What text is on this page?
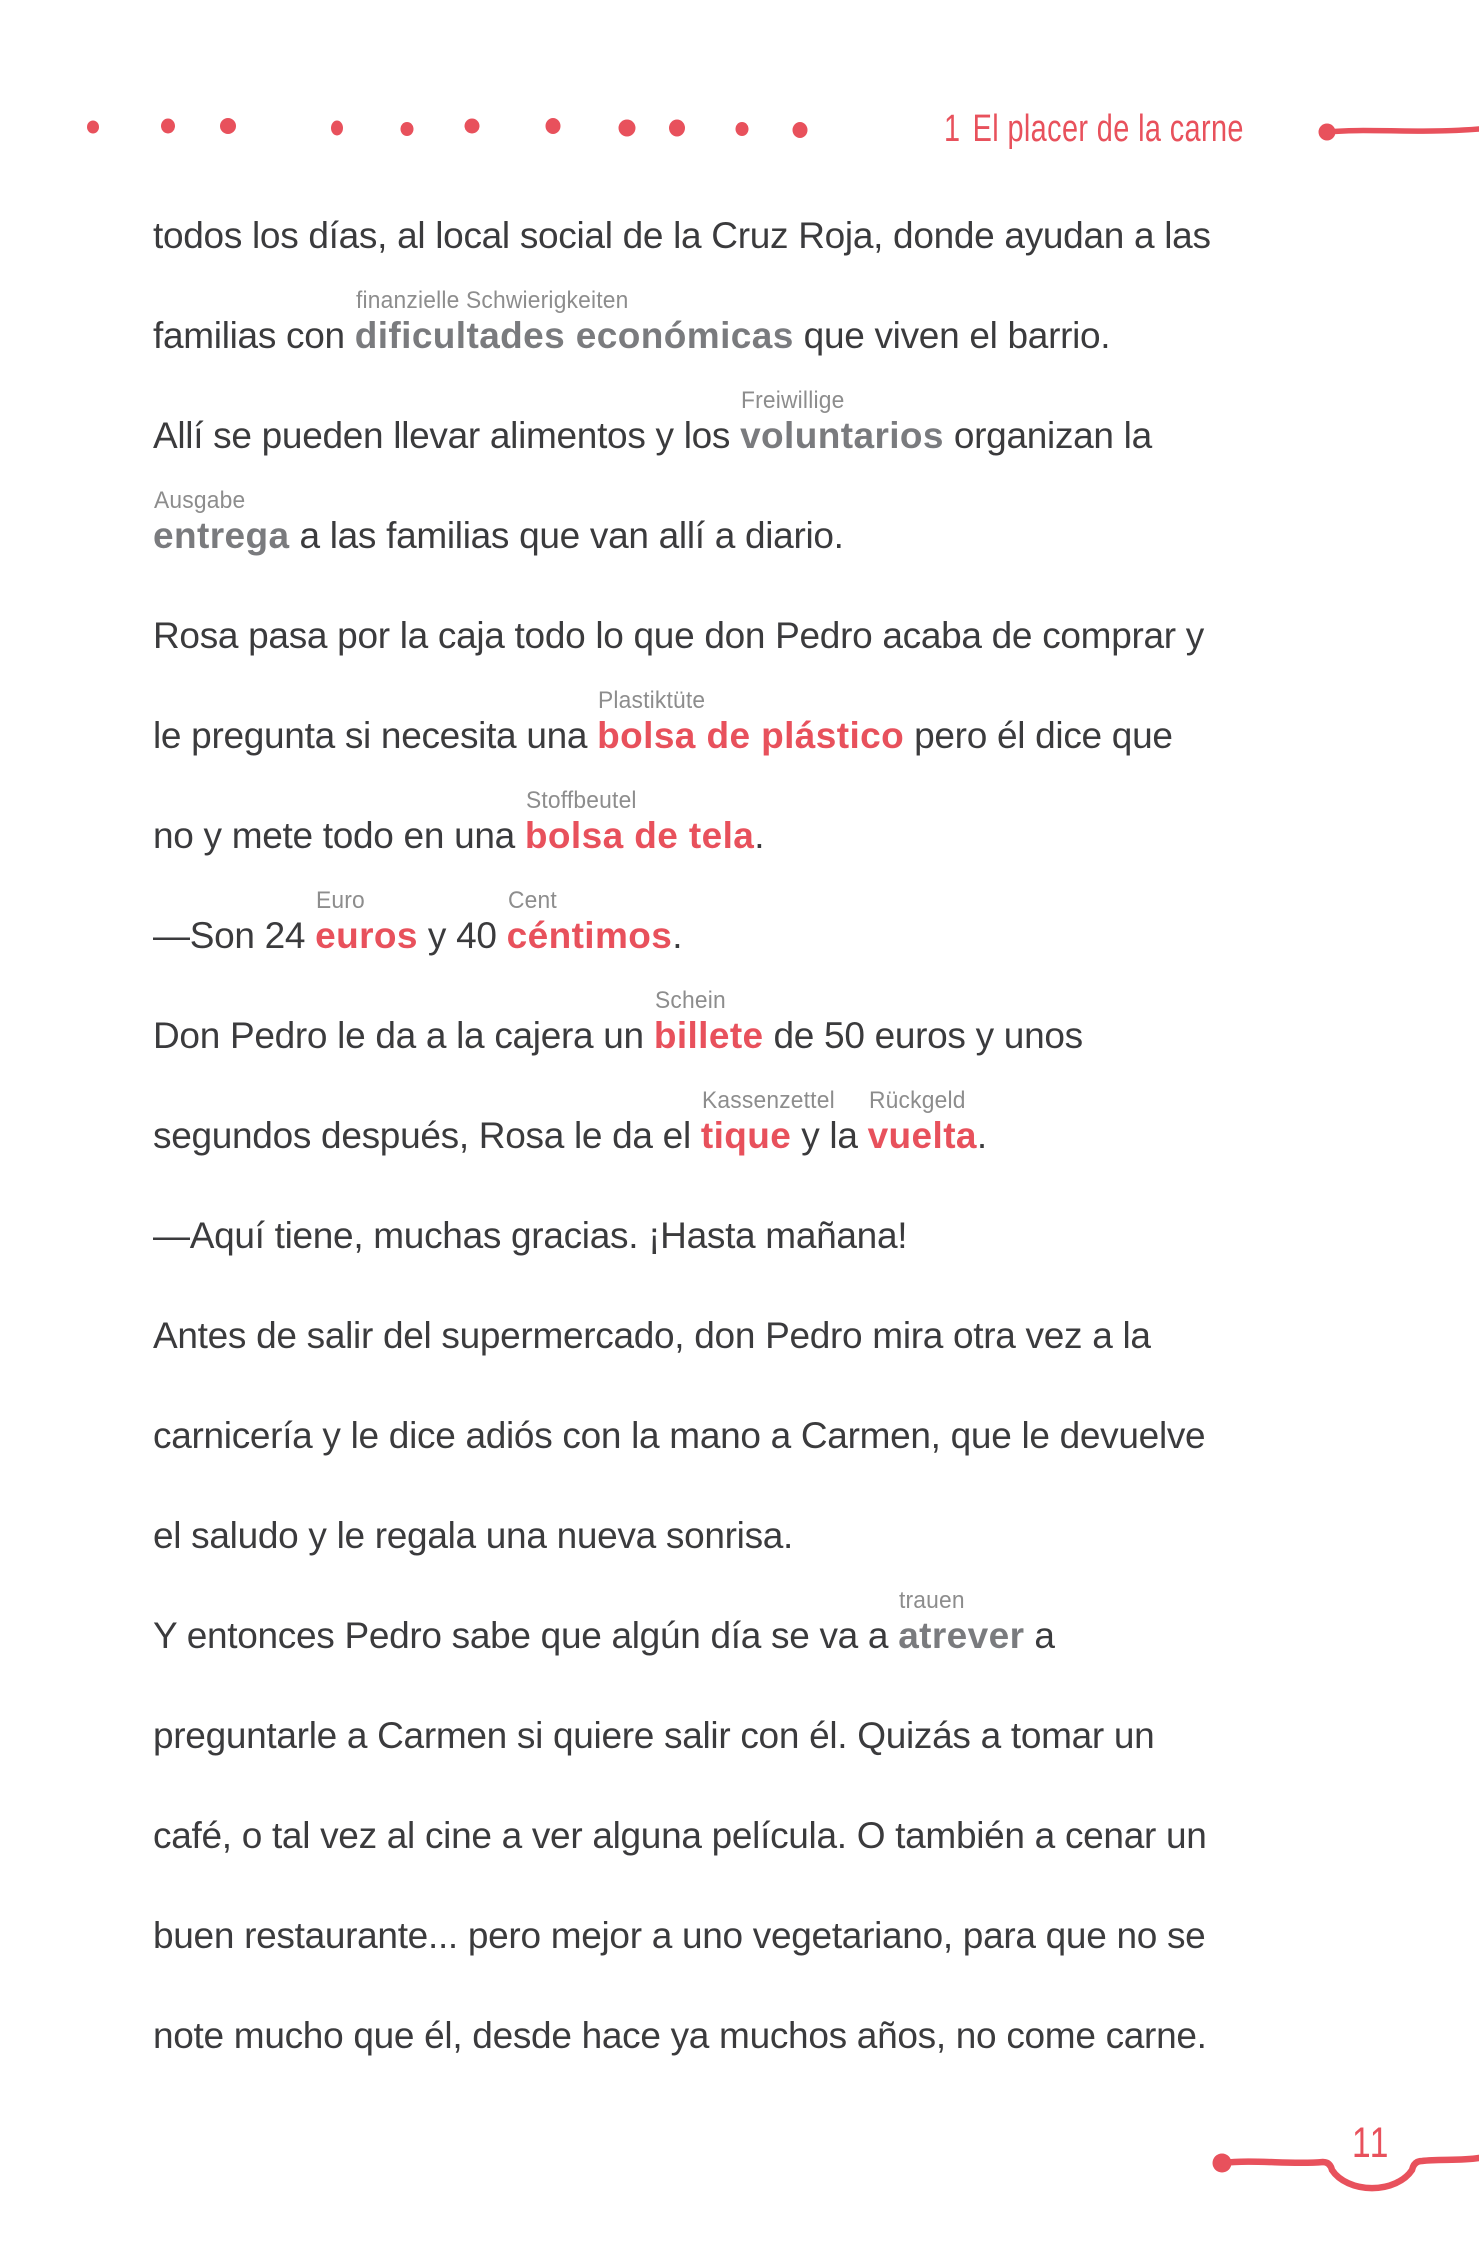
1 El placer de la carne
todos los días, al local social de la Cruz Roja, donde ayudan a las
familias con
finanzielle Schwierigkeiten
dificultades económicas que viven el barrio.
Allí se pueden llevar alimentos y los
Freiwillige
voluntarios organizan la
Ausgabe
entrega a las familias que van allí a diario.
Rosa pasa por la caja todo lo que don Pedro acaba de comprar y
le pregunta si necesita una
Plastiktüte
bolsa de plástico pero él dice que
no y mete todo en una
Stoffbeutel
bolsa de tela.
—Son 24
Euro
euros y 40
Cent
céntimos.
Don Pedro le da a la cajera un
Schein
billete de 50 euros y unos
segundos después, Rosa le da el
Kassenzettel
tique y la
Rückgeld
vuelta.
—Aquí tiene, muchas gracias. ¡Hasta mañana!
Antes de salir del supermercado, don Pedro mira otra vez a la
carnicería y le dice adiós con la mano a Carmen, que le devuelve
el saludo y le regala una nueva sonrisa.
Y entonces Pedro sabe que algún día se va a
trauen
atrever a
preguntarle a Carmen si quiere salir con él. Quizás a tomar un
café, o tal vez al cine a ver alguna película. O también a cenar un
buen restaurante... pero mejor a uno vegetariano, para que no se
note mucho que él, desde hace ya muchos años, no come carne.
11
